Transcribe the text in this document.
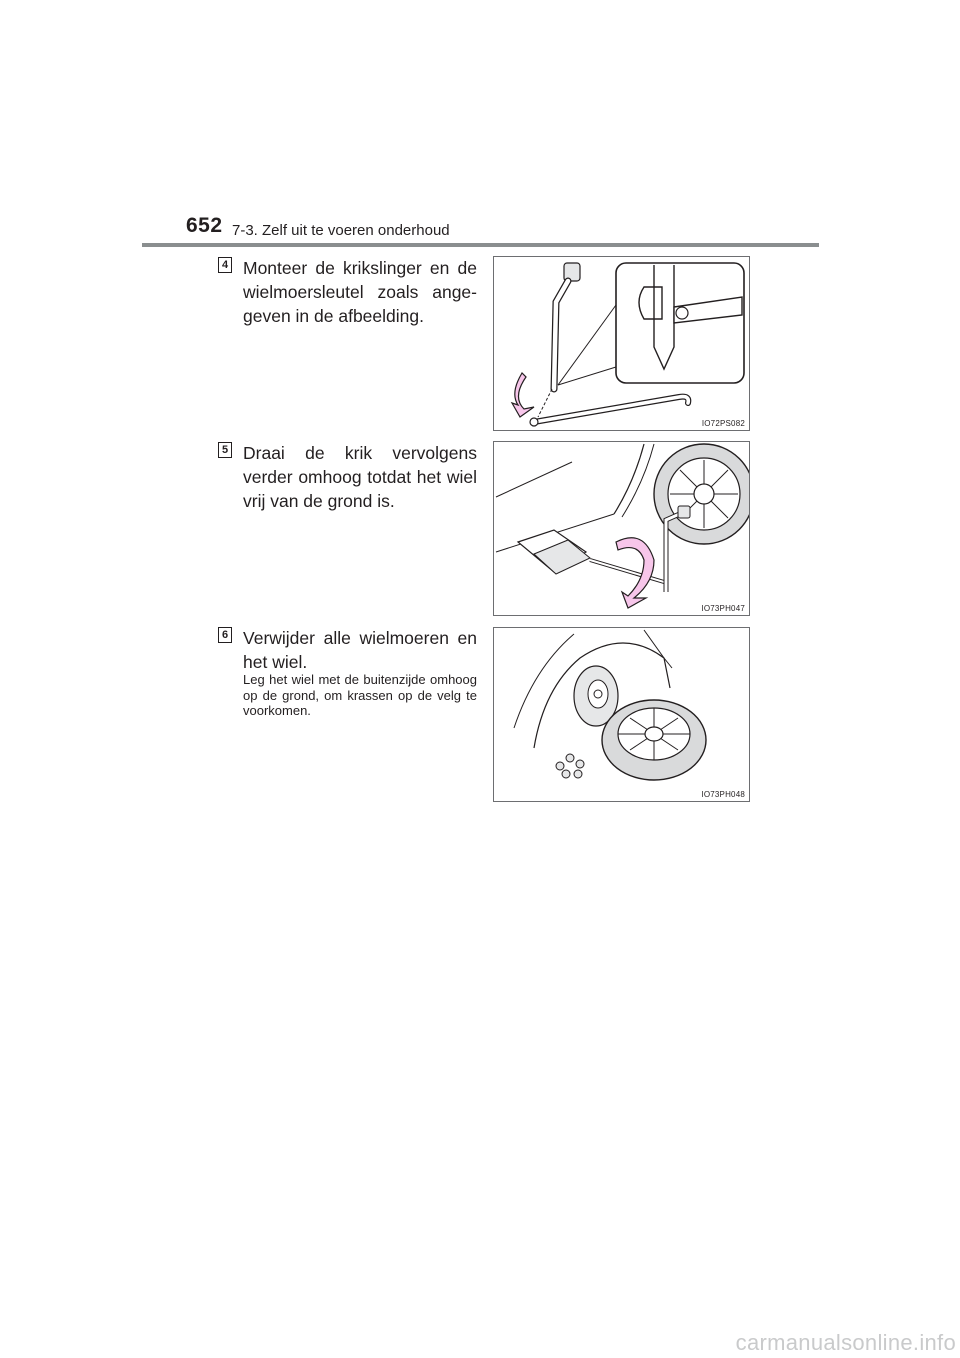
652 7-3. Zelf uit te voeren onderhoud
4 Monteer de krikslinger en de wielmoersleutel zoals ange-geven in de afbeelding.
IO72PS082
5 Draai de krik vervolgens verder omhoog totdat het wiel vrij van de grond is.
IO73PH047
6 Verwijder alle wielmoeren en het wiel.
Leg het wiel met de buitenzijde omhoog op de grond, om krassen op de velg te voorkomen.
IO73PH048
carmanualsonline.info
